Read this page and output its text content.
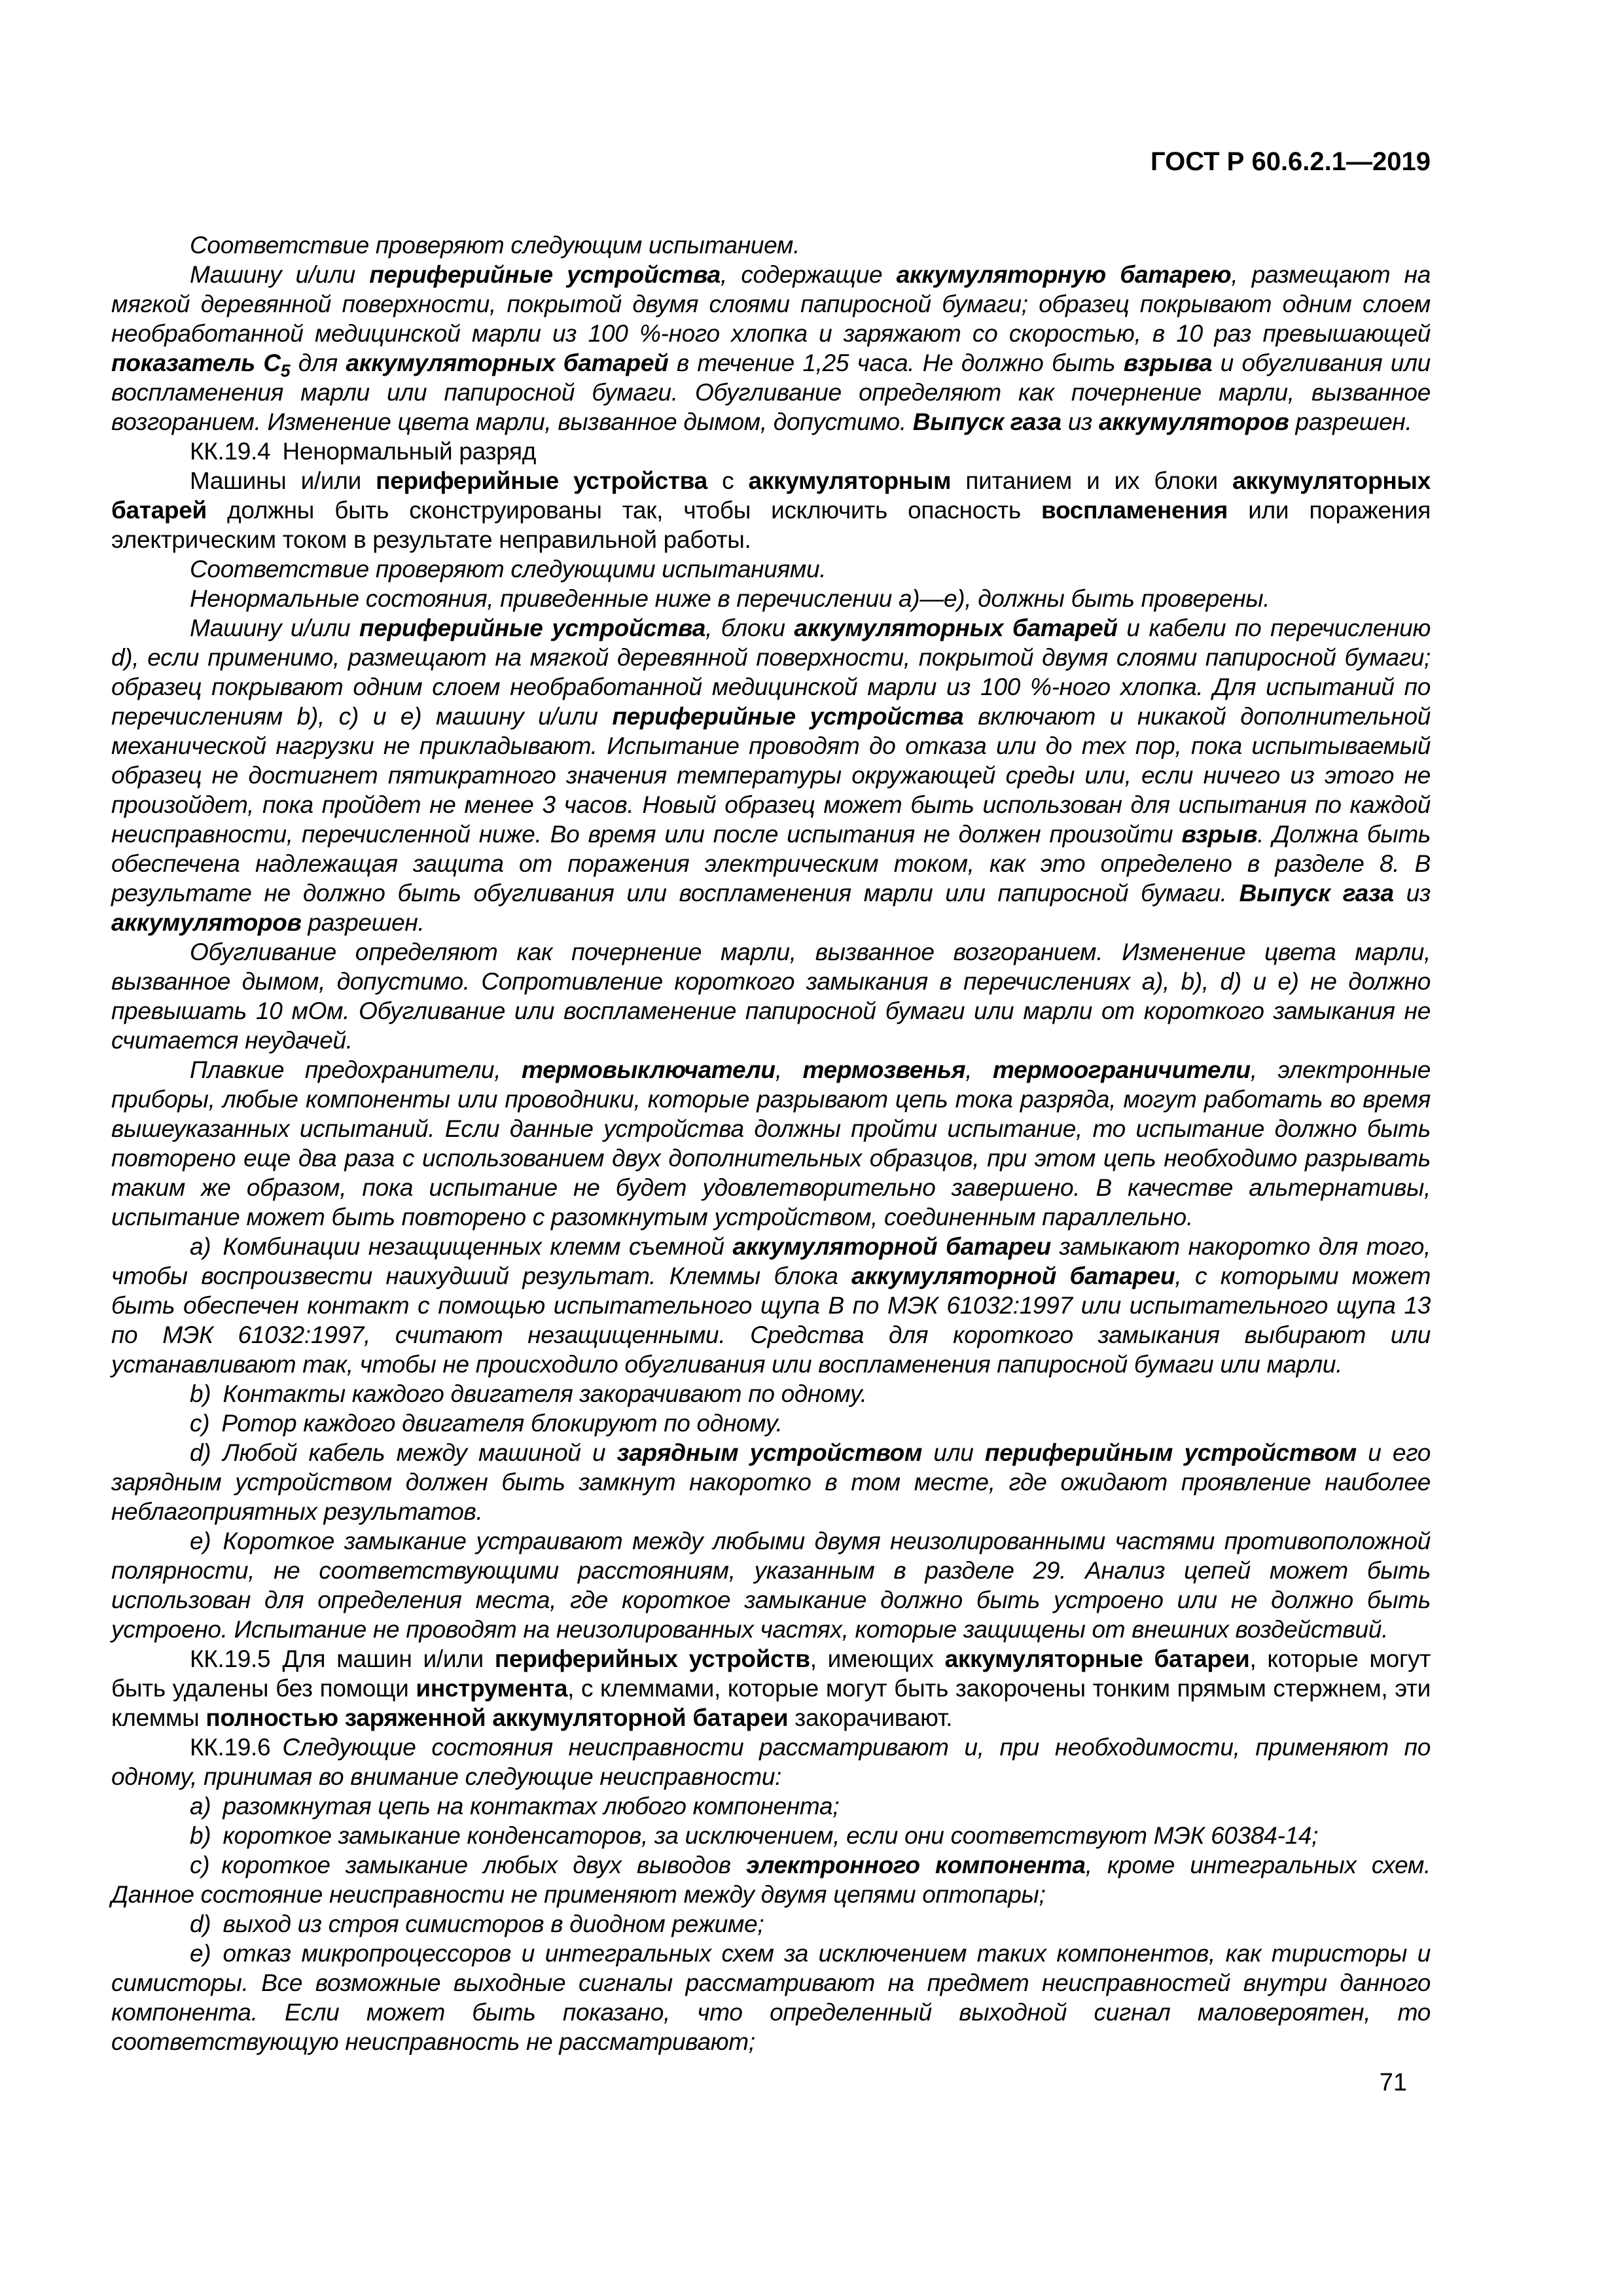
ГОСТ Р 60.6.2.1—2019

Соответствие проверяют следующим испытанием.

Машину и/или периферийные устройства, содержащие аккумуляторную батарею, размещают на мягкой деревянной поверхности, покрытой двумя слоями папиросной бумаги; образец покрывают одним слоем необработанной медицинской марли из 100 %-ного хлопка и заряжают со скоростью, в 10 раз превышающей показатель $С_5$ для аккумуляторных батарей в течение 1,25 часа. Не должно быть взрыва и обугливания или воспламенения марли или папиросной бумаги. Обугливание определяют как почернение марли, вызванное возгоранием. Изменение цвета марли, вызванное дымом, допустимо. Выпуск газа из аккумуляторов разрешен.

КК.19.4 Ненормальный разряд

Машины и/или периферийные устройства с аккумуляторным питанием и их блоки аккумуляторных батарей должны быть сконструированы так, чтобы исключить опасность воспламенения или поражения электрическим током в результате неправильной работы.

Соответствие проверяют следующими испытаниями.

Ненормальные состояния, приведенные ниже в перечислении a)—e), должны быть проверены.

Машину и/или периферийные устройства, блоки аккумуляторных батарей и кабели по перечислению d), если применимо, размещают на мягкой деревянной поверхности, покрытой двумя слоями папиросной бумаги; образец покрывают одним слоем необработанной медицинской марли из 100 %-ного хлопка. Для испытаний по перечислениям b), c) и e) машину и/или периферийные устройства включают и никакой дополнительной механической нагрузки не прикладывают. Испытание проводят до отказа или до тех пор, пока испытываемый образец не достигнет пятикратного значения температуры окружающей среды или, если ничего из этого не произойдет, пока пройдет не менее 3 часов. Новый образец может быть использован для испытания по каждой неисправности, перечисленной ниже. Во время или после испытания не должен произойти взрыв. Должна быть обеспечена надлежащая защита от поражения электрическим током, как это определено в разделе 8. В результате не должно быть обугливания или воспламенения марли или папиросной бумаги. Выпуск газа из аккумуляторов разрешен.

Обугливание определяют как почернение марли, вызванное возгоранием. Изменение цвета марли, вызванное дымом, допустимо. Сопротивление короткого замыкания в перечислениях a), b), d) и e) не должно превышать 10 мОм. Обугливание или воспламенение папиросной бумаги или марли от короткого замыкания не считается неудачей.

Плавкие предохранители, термовыключатели, термозвенья, термоограничители, электронные приборы, любые компоненты или проводники, которые разрывают цепь тока разряда, могут работать во время вышеуказанных испытаний. Если данные устройства должны пройти испытание, то испытание должно быть повторено еще два раза с использованием двух дополнительных образцов, при этом цепь необходимо разрывать таким же образом, пока испытание не будет удовлетворительно завершено. В качестве альтернативы, испытание может быть повторено с разомкнутым устройством, соединенным параллельно.

a) Комбинации незащищенных клемм съемной аккумуляторной батареи замыкают накоротко для того, чтобы воспроизвести наихудший результат. Клеммы блока аккумуляторной батареи, с которыми может быть обеспечен контакт с помощью испытательного щупа B по МЭК 61032:1997 или испытательного щупа 13 по МЭК 61032:1997, считают незащищенными. Средства для короткого замыкания выбирают или устанавливают так, чтобы не происходило обугливания или воспламенения папиросной бумаги или марли.

b) Контакты каждого двигателя закорачивают по одному.

c) Ротор каждого двигателя блокируют по одному.

d) Любой кабель между машиной и зарядным устройством или периферийным устройством и его зарядным устройством должен быть замкнут накоротко в том месте, где ожидают проявление наиболее неблагоприятных результатов.

e) Короткое замыкание устраивают между любыми двумя неизолированными частями противоположной полярности, не соответствующими расстояниям, указанным в разделе 29. Анализ цепей может быть использован для определения места, где короткое замыкание должно быть устроено или не должно быть устроено. Испытание не проводят на неизолированных частях, которые защищены от внешних воздействий.

КК.19.5 Для машин и/или периферийных устройств, имеющих аккумуляторные батареи, которые могут быть удалены без помощи инструмента, с клеммами, которые могут быть закорочены тонким прямым стержнем, эти клеммы полностью заряженной аккумуляторной батареи закорачивают.

КК.19.6 Следующие состояния неисправности рассматривают и, при необходимости, применяют по одному, принимая во внимание следующие неисправности:

a) разомкнутая цепь на контактах любого компонента;

b) короткое замыкание конденсаторов, за исключением, если они соответствуют МЭК 60384-14;

c) короткое замыкание любых двух выводов электронного компонента, кроме интегральных схем. Данное состояние неисправности не применяют между двумя цепями оптопары;

d) выход из строя симисторов в диодном режиме;

e) отказ микропроцессоров и интегральных схем за исключением таких компонентов, как тиристоры и симисторы. Все возможные выходные сигналы рассматривают на предмет неисправностей внутри данного компонента. Если может быть показано, что определенный выходной сигнал маловероятен, то соответствующую неисправность не рассматривают;

71
